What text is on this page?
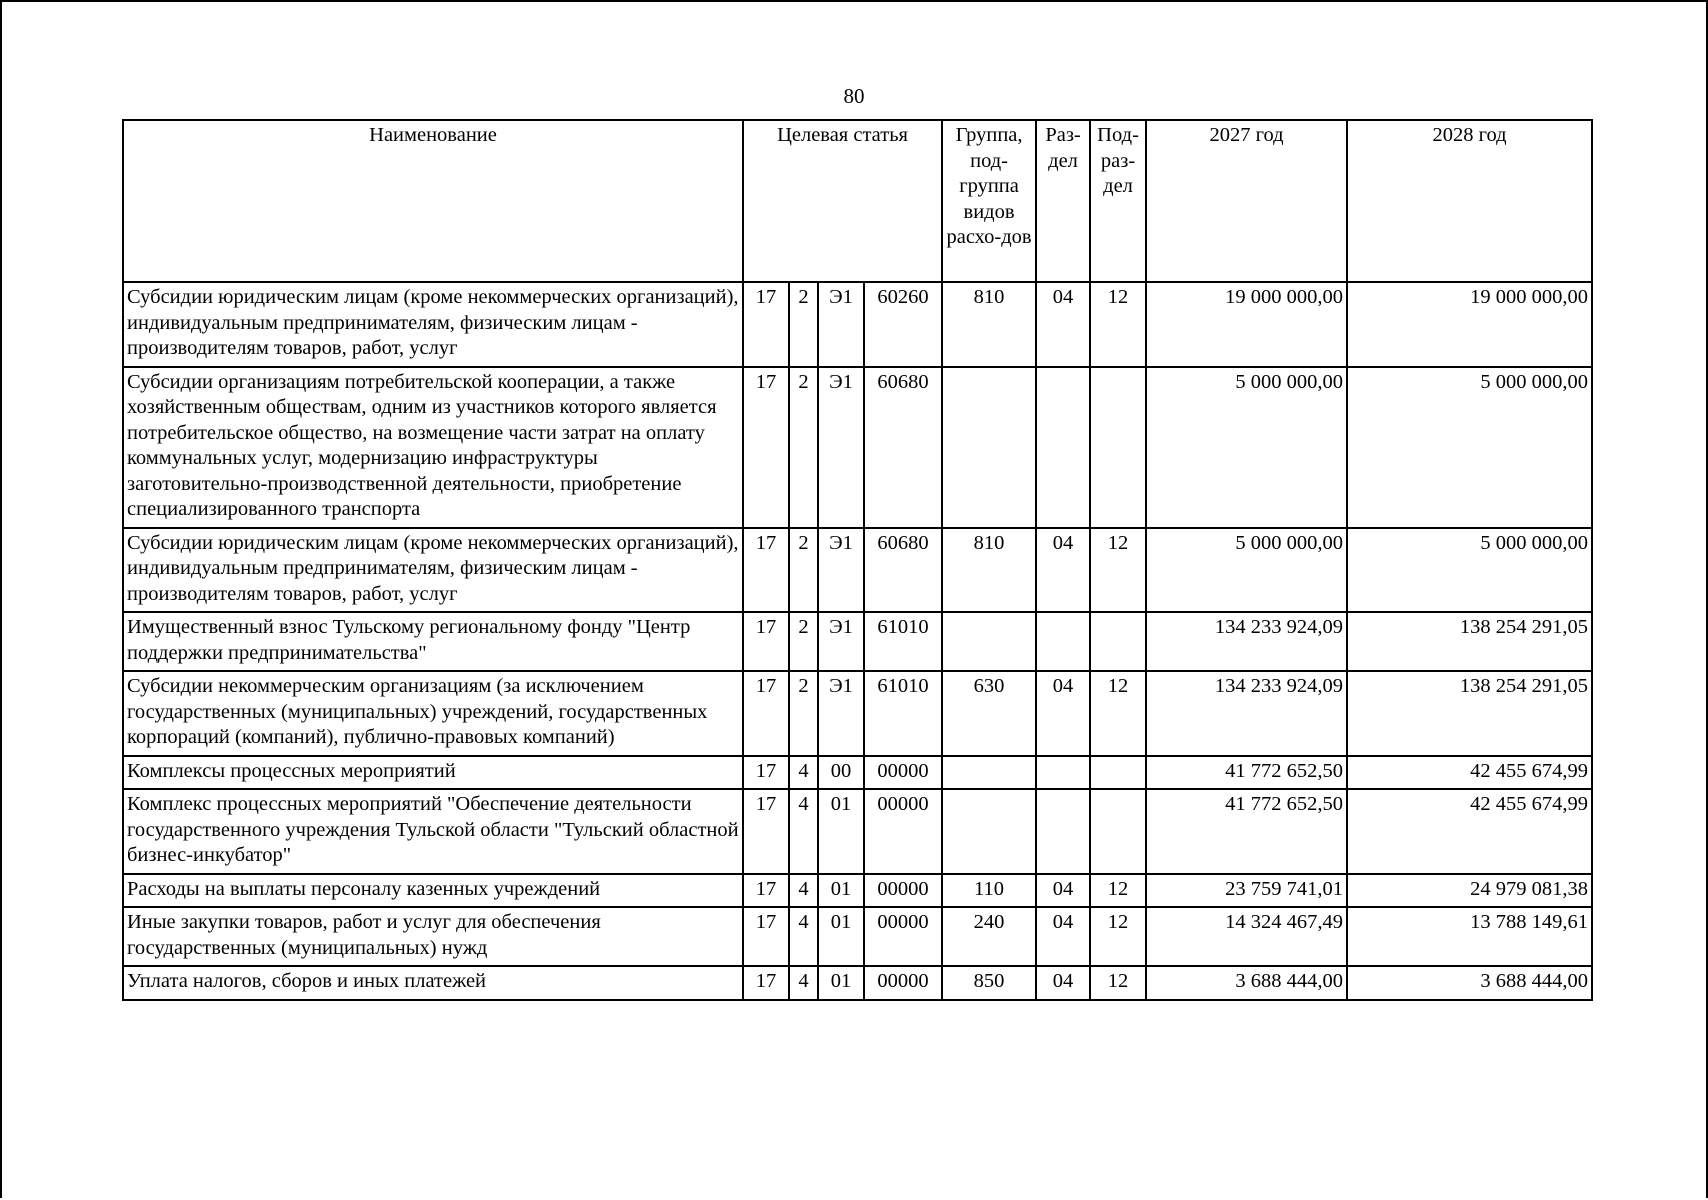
80
Наименование	Целевая статья				Группа, под-группа видов расхо-дов	Раз-дел	Под-раз-дел	2027 год	2028 год
Субсидии юридическим лицам (кроме некоммерческих организаций), индивидуальным предпринимателям, физическим лицам - производителям товаров, работ, услуг	17	2	Э1	60260	810	04	12	19 000 000,00	19 000 000,00
Субсидии организациям потребительской кооперации, а также хозяйственным обществам, одним из участников которого является потребительское общество, на возмещение части затрат на оплату коммунальных услуг, модернизацию инфраструктуры заготовительно-производственной деятельности, приобретение специализированного транспорта	17	2	Э1	60680				5 000 000,00	5 000 000,00
Субсидии юридическим лицам (кроме некоммерческих организаций), индивидуальным предпринимателям, физическим лицам - производителям товаров, работ, услуг	17	2	Э1	60680	810	04	12	5 000 000,00	5 000 000,00
Имущественный взнос Тульскому региональному фонду "Центр поддержки предпринимательства"	17	2	Э1	61010				134 233 924,09	138 254 291,05
Субсидии некоммерческим организациям (за исключением государственных (муниципальных) учреждений, государственных корпораций (компаний), публично-правовых компаний)	17	2	Э1	61010	630	04	12	134 233 924,09	138 254 291,05
Комплексы процессных мероприятий	17	4	00	00000				41 772 652,50	42 455 674,99
Комплекс процессных мероприятий "Обеспечение деятельности государственного учреждения Тульской области "Тульский областной бизнес-инкубатор"	17	4	01	00000				41 772 652,50	42 455 674,99
Расходы на выплаты персоналу казенных учреждений	17	4	01	00000	110	04	12	23 759 741,01	24 979 081,38
Иные закупки товаров, работ и услуг для обеспечения государственных (муниципальных) нужд	17	4	01	00000	240	04	12	14 324 467,49	13 788 149,61
Уплата налогов, сборов и иных платежей	17	4	01	00000	850	04	12	3 688 444,00	3 688 444,00
